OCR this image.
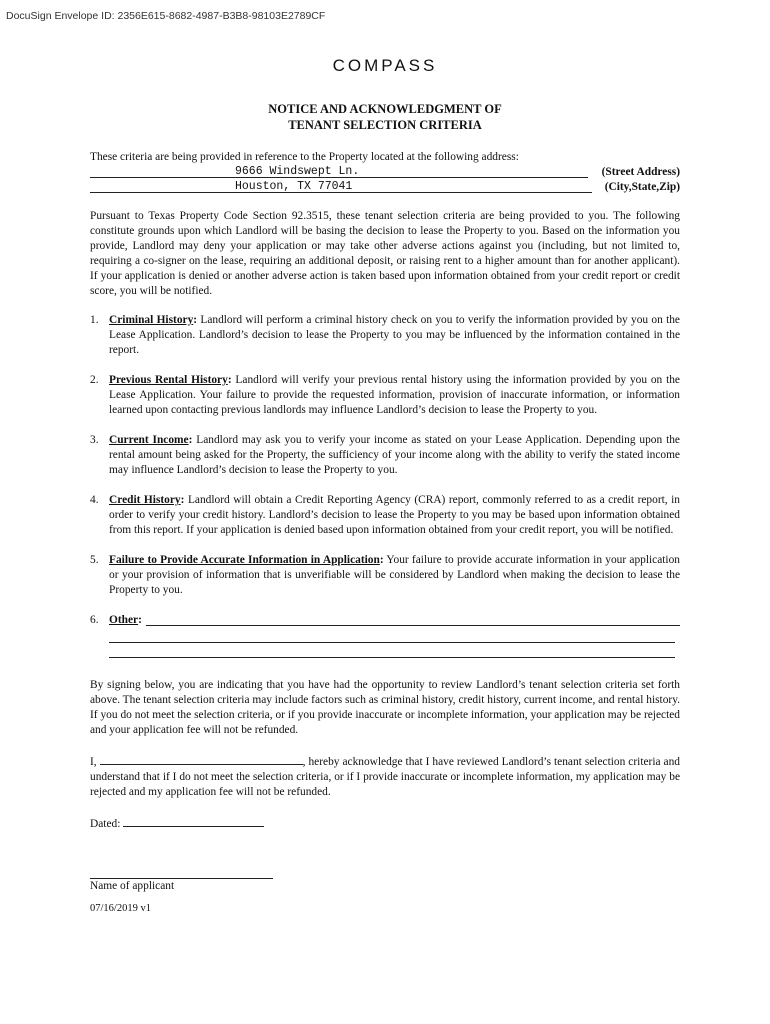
DocuSign Envelope ID: 2356E615-8682-4987-B3B8-98103E2789CF
COMPASS
NOTICE AND ACKNOWLEDGMENT OF
TENANT SELECTION CRITERIA

These criteria are being provided in reference to the Property located at the following address:

9666 Windswept Ln.	(Street Address)
Houston, TX 77041	(City,State,Zip)

Pursuant to Texas Property Code Section 92.3515, these tenant selection criteria are being provided to you. The following constitute grounds upon which Landlord will be basing the decision to lease the Property to you. Based on the information you provide, Landlord may deny your application or may take other adverse actions against you (including, but not limited to, requiring a co-signer on the lease, requiring an additional deposit, or raising rent to a higher amount than for another applicant). If your application is denied or another adverse action is taken based upon information obtained from your credit report or credit score, you will be notified.

1. Criminal History: Landlord will perform a criminal history check on you to verify the information provided by you on the Lease Application. Landlord’s decision to lease the Property to you may be influenced by the information contained in the report.
2. Previous Rental History: Landlord will verify your previous rental history using the information provided by you on the Lease Application. Your failure to provide the requested information, provision of inaccurate information, or information learned upon contacting previous landlords may influence Landlord’s decision to lease the Property to you.
3. Current Income: Landlord may ask you to verify your income as stated on your Lease Application. Depending upon the rental amount being asked for the Property, the sufficiency of your income along with the ability to verify the stated income may influence Landlord’s decision to lease the Property to you.
4. Credit History: Landlord will obtain a Credit Reporting Agency (CRA) report, commonly referred to as a credit report, in order to verify your credit history. Landlord’s decision to lease the Property to you may be based upon information obtained from this report. If your application is denied based upon information obtained from your credit report, you will be notified.
5. Failure to Provide Accurate Information in Application: Your failure to provide accurate information in your application or your provision of information that is unverifiable will be considered by Landlord when making the decision to lease the Property to you.
6. Other :

By signing below, you are indicating that you have had the opportunity to review Landlord’s tenant selection criteria set forth above. The tenant selection criteria may include factors such as criminal history, credit history, current income, and rental history. If you do not meet the selection criteria, or if you provide inaccurate or incomplete information, your application may be rejected and your application fee will not be refunded.

I,	, hereby acknowledge that I have reviewed Landlord’s tenant selection criteria and understand that if I do not meet the selection criteria, or if I provide inaccurate or incomplete information, my application may be rejected and my application fee will not be refunded.

Dated:
Name of applicant
07/16/2019 v1
